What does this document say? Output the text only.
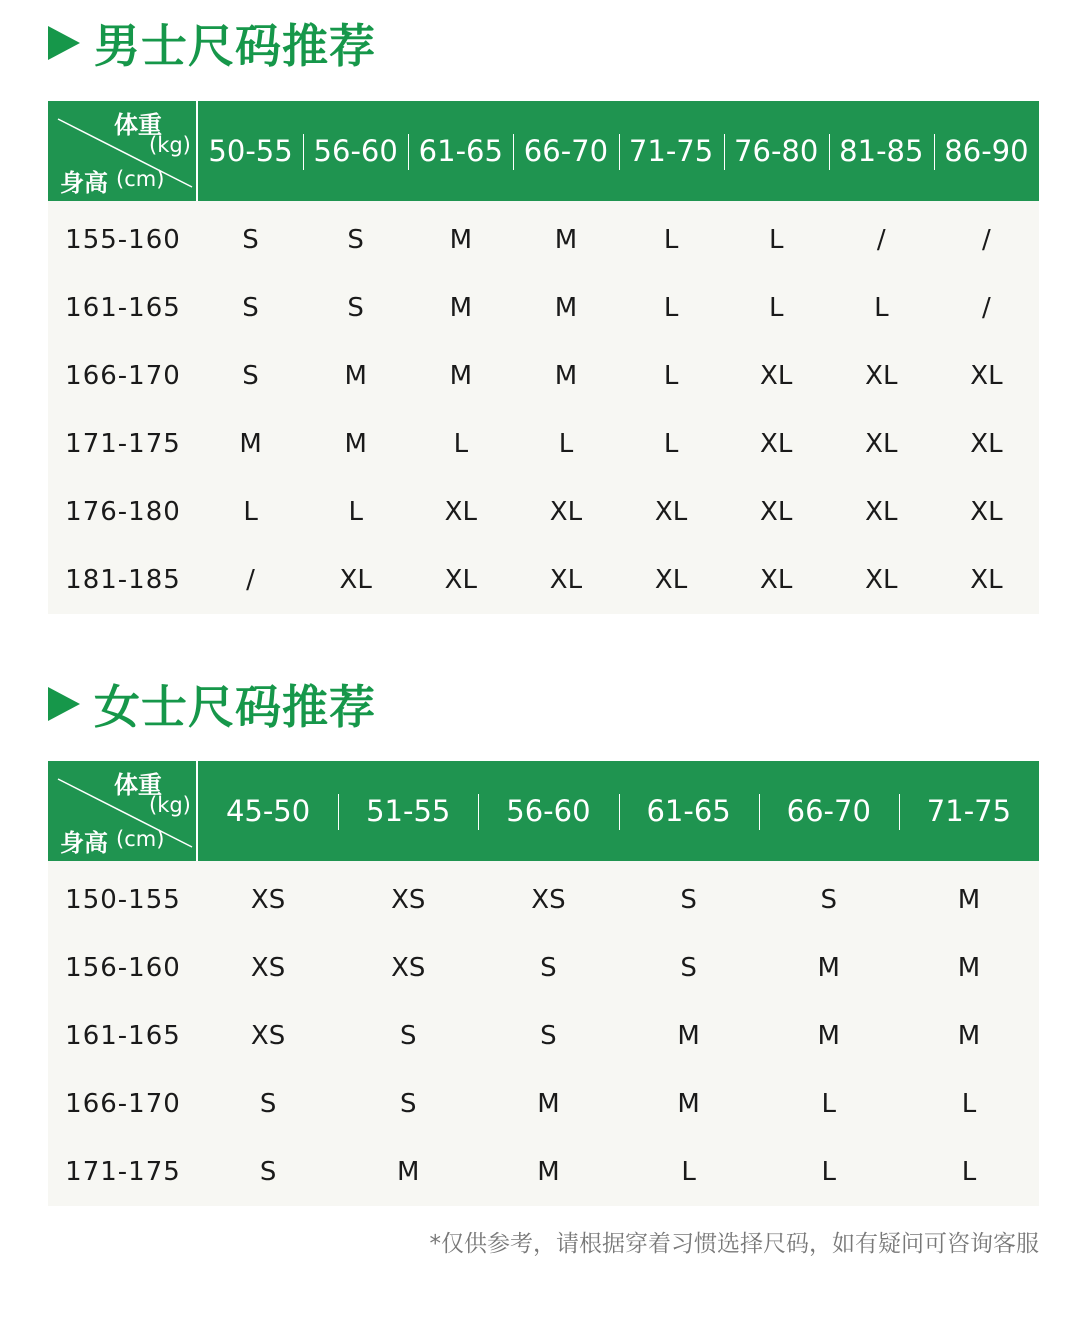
男士尺码推荐
体重
(kg)
身高 (cm)
50-55 56-60 61-65 66-70 71-75 76-80 81-85 86-90
155-160	S	S	M	M	L	L	/	/
161-165	S	S	M	M	L	L	L	/
166-170	S	M	M	M	L	XL	XL	XL
171-175	M	M	L	L	L	XL	XL	XL
176-180	L	L	XL	XL	XL	XL	XL	XL
181-185	/	XL	XL	XL	XL	XL	XL	XL
女士尺码推荐
体重
(kg)
身高 (cm)
45-50	51-55	56-60	61-65	66-70	71-75
150-155	XS	XS	XS	S	S	M
156-160	XS	XS	S	S	M	M
161-165	XS	S	S	M	M	M
166-170	S	S	M	M	L	L
171-175	S	M	M	L	L	L
*仅供参考，请根据穿着习惯选择尺码，如有疑问可咨询客服
